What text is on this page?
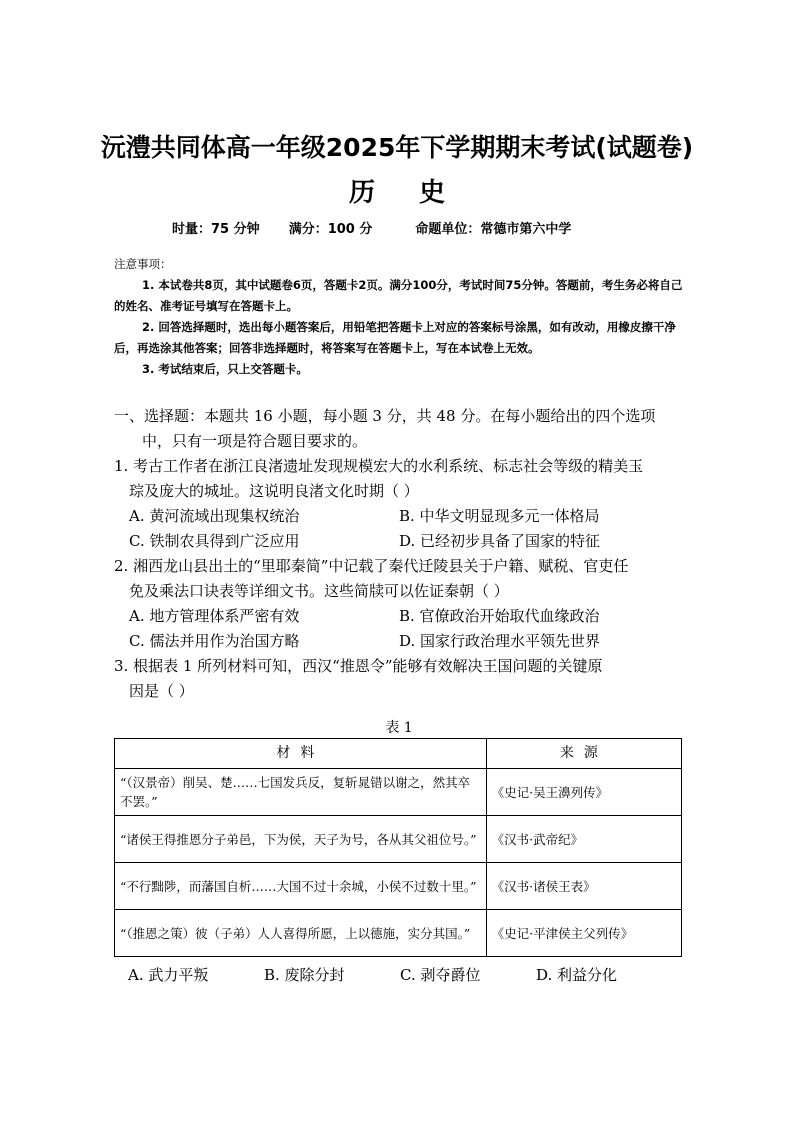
沅澧共同体高一年级2025年下学期期末考试(试题卷)
历史
时量：75 分钟 满分：100 分	命题单位：常德市第六中学
注意事项：

1. 本试卷共8页，其中试题卷6页，答题卡2页。满分100分，考试时间75分钟。答题前，考生务必将自己的姓名、准考证号填写在答题卡上。

2. 回答选择题时，选出每小题答案后，用铅笔把答题卡上对应的答案标号涂黑，如有改动，用橡皮擦干净后，再选涂其他答案；回答非选择题时，将答案写在答题卡上，写在本试卷上无效。

3. 考试结束后，只上交答题卡。

一、选择题：本题共 16 小题，每小题 3 分，共 48 分。在每小题给出的四个选项
中，只有一项是符合题目要求的。

1. 考古工作者在浙江良渚遗址发现规模宏大的水利系统、标志社会等级的精美玉
琮及庞大的城址。这说明良渚文化时期（ ）
A. 黄河流域出现集权统治	B. 中华文明显现多元一体格局
C. 铁制农具得到广泛应用	D. 已经初步具备了国家的特征
2. 湘西龙山县出土的“里耶秦简”中记载了秦代迁陵县关于户籍、赋税、官吏任
免及乘法口诀表等详细文书。这些简牍可以佐证秦朝（ ）
A. 地方管理体系严密有效	B. 官僚政治开始取代血缘政治
C. 儒法并用作为治国方略	D. 国家行政治理水平领先世界
3. 根据表 1 所列材料可知，西汉“推恩令”能够有效解决王国问题的关键原
因是（ ）
表 1
材料	来源
“（汉景帝）削吴、楚……七国发兵反，复斩晁错以谢之，然其卒不罢。”	《史记·吴王濞列传》
“诸侯王得推恩分子弟邑，下为侯，天子为号，各从其父祖位号。”	《汉书·武帝纪》
“不行黜陟，而藩国自析……大国不过十余城，小侯不过数十里。”	《汉书·诸侯王表》
“（推恩之策）彼（子弟）人人喜得所愿，上以德施，实分其国。”	《史记·平津侯主父列传》
A. 武力平叛	B. 废除分封	C. 剥夺爵位	D. 利益分化
